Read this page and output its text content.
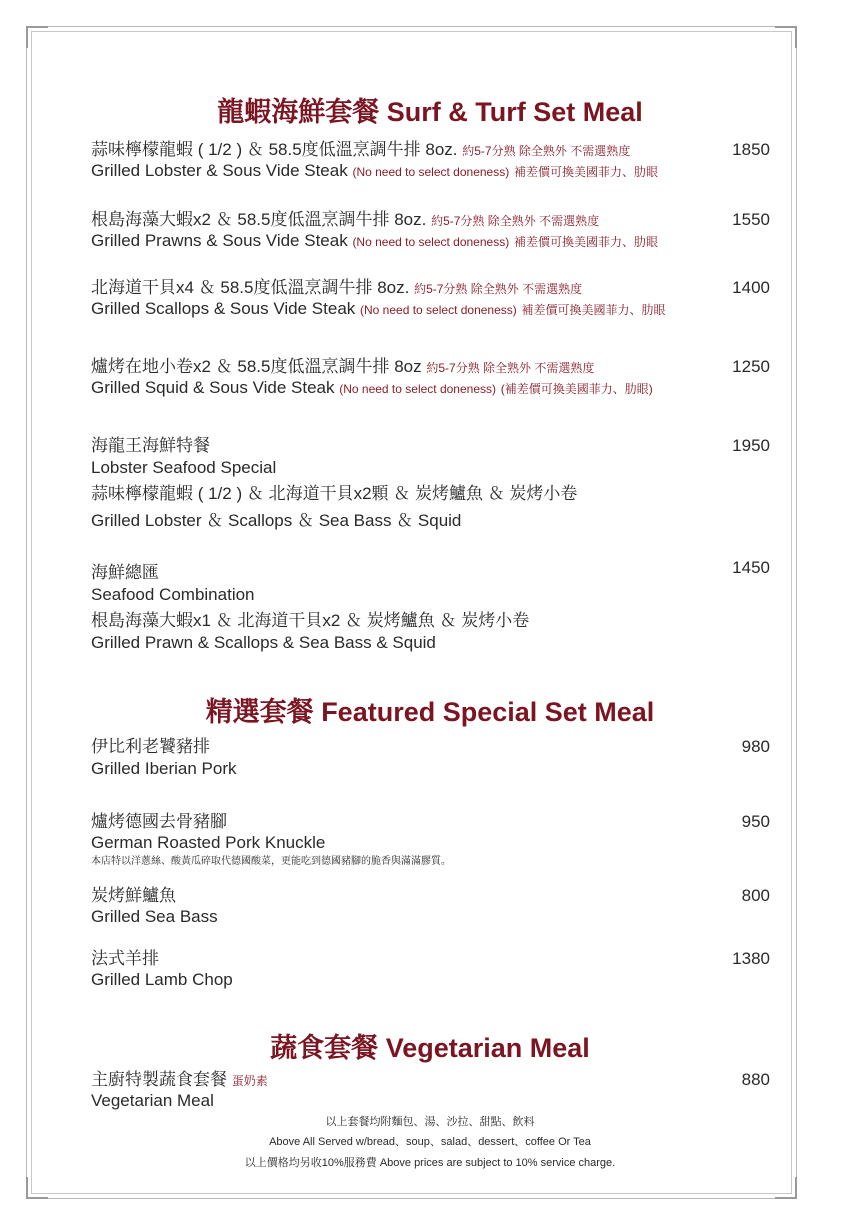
龍蝦海鮮套餐 Surf & Turf Set Meal
蒜味檸檬龍蝦 ( 1/2 ) ＆ 58.5度低溫烹調牛排 8oz. 約5-7分熟 除全熟外 不需選熟度
Grilled Lobster & Sous Vide Steak (No need to select doneness) 補差價可換美國菲力、肋眼
1850
根島海藻大蝦x2 ＆ 58.5度低溫烹調牛排 8oz. 約5-7分熟 除全熟外 不需選熟度
Grilled Prawns & Sous Vide Steak (No need to select doneness) 補差價可換美國菲力、肋眼
1550
北海道干貝x4 ＆ 58.5度低溫烹調牛排 8oz. 約5-7分熟 除全熟外 不需選熟度
Grilled Scallops & Sous Vide Steak (No need to select doneness) 補差價可換美國菲力、肋眼
1400
爐烤在地小卷x2 ＆ 58.5度低溫烹調牛排 8oz 約5-7分熟 除全熟外 不需選熟度
Grilled Squid & Sous Vide Steak (No need to select doneness) (補差價可換美國菲力、肋眼)
1250
海龍王海鮮特餐
Lobster Seafood Special
蒜味檸檬龍蝦 ( 1/2 ) ＆ 北海道干貝x2顆 ＆ 炭烤鱸魚 ＆ 炭烤小卷
Grilled Lobster ＆ Scallops ＆ Sea Bass ＆ Squid
1950
海鮮總匯
Seafood Combination
根島海藻大蝦x1 ＆ 北海道干貝x2 ＆ 炭烤鱸魚 ＆ 炭烤小卷
Grilled Prawn & Scallops & Sea Bass & Squid
1450
精選套餐 Featured Special Set Meal
伊比利老饕豬排
Grilled Iberian Pork
980
爐烤德國去骨豬腳
German Roasted Pork Knuckle
本店特以洋蔥絲、酸黃瓜碎取代德國酸菜，更能吃到德國豬腳的脆香與滿滿膠質。
950
炭烤鮮鱸魚
Grilled Sea Bass
800
法式羊排
Grilled Lamb Chop
1380
蔬食套餐 Vegetarian Meal
主廚特製蔬食套餐 蛋奶素
Vegetarian Meal
880
以上套餐均附麵包、湯、沙拉、甜點、飲料
Above All Served w/bread、soup、salad、dessert、coffee Or Tea
以上價格均另收10%服務費 Above prices are subject to 10% service charge.
